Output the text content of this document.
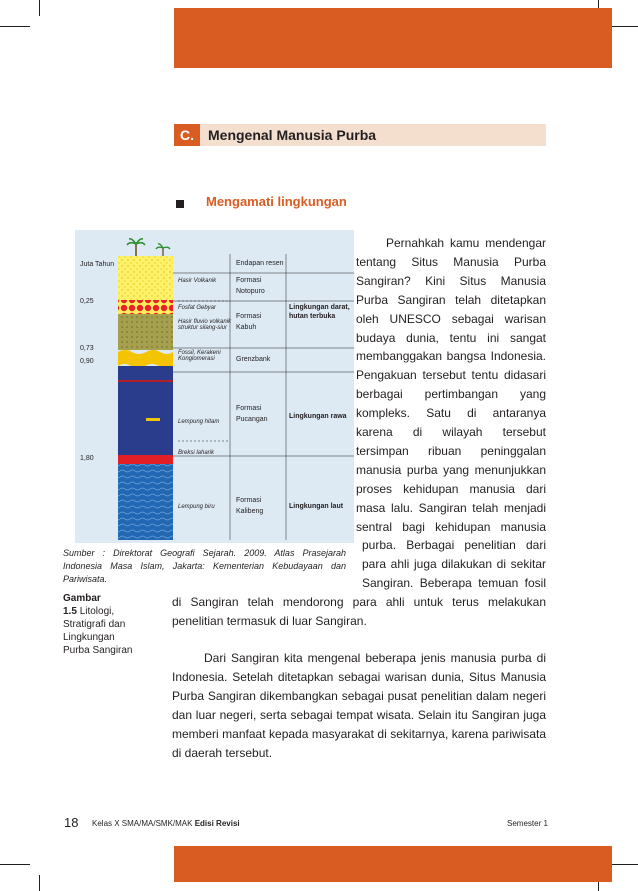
C.	Mengenal Manusia Purba
Mengamati lingkungan
Juta Tahun
0,25
0,73
0,90
1,80
Hasir Volkanik
Fosfat Gebyar
Hasir fluvio volkanik
struktur silang-siur
Fossil, Kerakeni
Konglomerasi
Lempung hitam
Breksi laharik
Lempung biru
Endapan resen
Formasi
Notopuro
Formasi
Kabuh
Grenzbank
Formasi
Pucangan
Formasi
Kalibeng
Lingkungan darat,
hutan terbuka
Lingkungan rawa
Lingkungan laut
Sumber : Direktorat Geografi Sejarah. 2009. Atlas Prasejarah Indonesia Masa Islam, Jakarta: Kementerian Kebudayaan dan Pariwisata.
Gambar
1.5 Litologi,
Stratigrafi dan
Lingkungan
Purba Sangiran
Pernahkah kamu mendengar
tentang Situs Manusia Purba
Sangiran? Kini Situs Manusia
Purba Sangiran telah ditetapkan
oleh UNESCO sebagai warisan
budaya dunia, tentu ini sangat
membanggakan bangsa Indonesia.
Pengakuan tersebut tentu didasari
berbagai pertimbangan yang
kompleks. Satu di antaranya
karena di wilayah tersebut
tersimpan ribuan peninggalan
manusia purba yang menunjukkan
proses kehidupan manusia dari
masa lalu. Sangiran telah menjadi
sentral bagi kehidupan manusia
purba. Berbagai penelitian dari
para ahli juga dilakukan di sekitar
Sangiran. Beberapa temuan fosil

di Sangiran telah mendorong para ahli untuk terus melakukan penelitian termasuk di luar Sangiran.

Dari Sangiran kita mengenal beberapa jenis manusia purba di Indonesia. Setelah ditetapkan sebagai warisan dunia, Situs Manusia Purba Sangiran dikembangkan sebagai pusat penelitian dalam negeri dan luar negeri, serta sebagai tempat wisata. Selain itu Sangiran juga memberi manfaat kepada masyarakat di sekitarnya, karena pariwisata di daerah tersebut.

18 Kelas X SMA/MA/SMK/MAK Edisi Revisi	Semester 1
